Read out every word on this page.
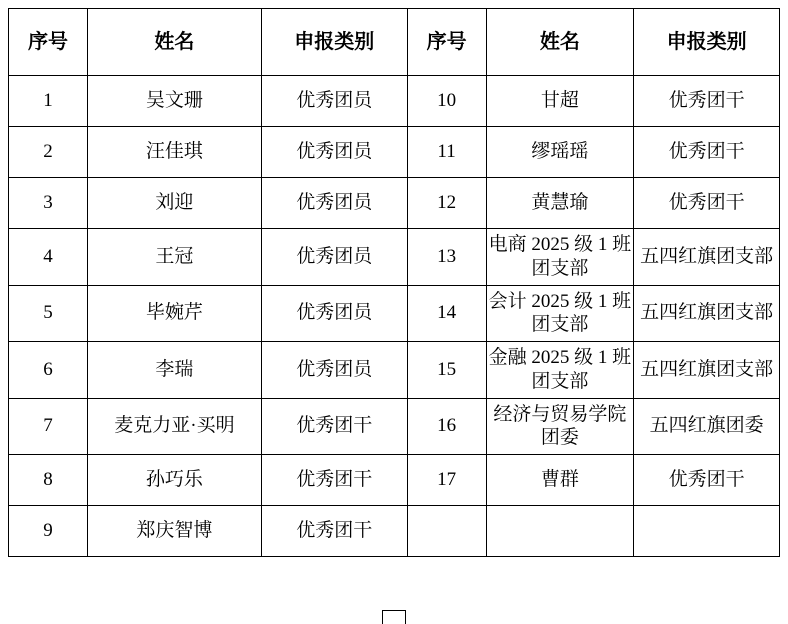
序号	姓名	申报类别	序号	姓名	申报类别
1	吴文珊	优秀团员	10	甘超	优秀团干
2	汪佳琪	优秀团员	11	缪瑶瑶	优秀团干
3	刘迎	优秀团员	12	黄慧瑜	优秀团干
4	王冠	优秀团员	13	电商 2025 级 1 班团支部	五四红旗团支部
5	毕婉芹	优秀团员	14	会计 2025 级 1 班团支部	五四红旗团支部
6	李瑞	优秀团员	15	金融 2025 级 1 班团支部	五四红旗团支部
7	麦克力亚·买明	优秀团干	16	经济与贸易学院团委	五四红旗团委
8	孙巧乐	优秀团干	17	曹群	优秀团干
9	郑庆智博	优秀团干			
